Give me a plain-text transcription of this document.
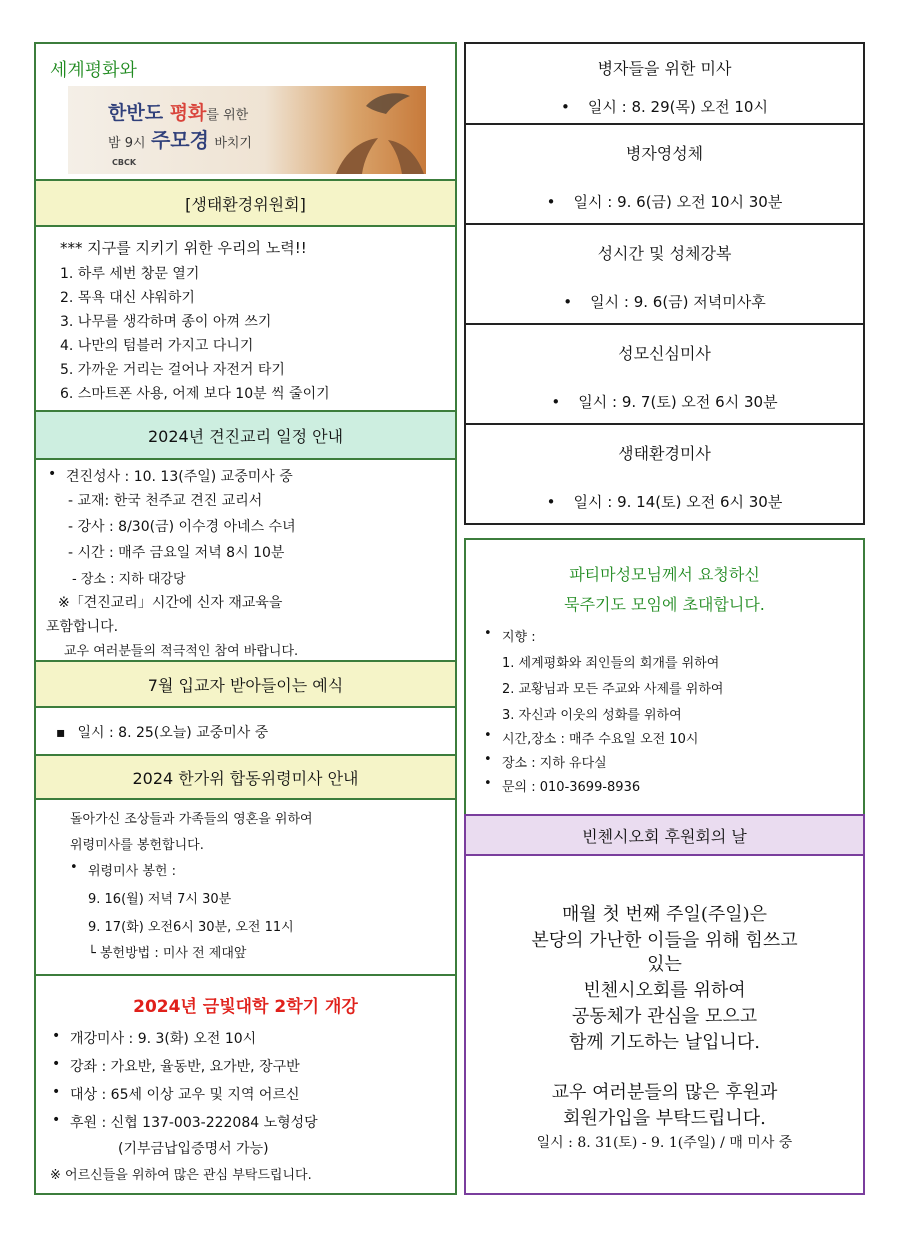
세계평화와
한반도 평화를 위한
밤 9시 주모경 바치기
CBCK
[생태환경위원회]
*** 지구를 지키기 위한 우리의 노력!!
1. 하루 세번 창문 열기
2. 목욕 대신 샤워하기
3. 나무를 생각하며 종이 아껴 쓰기
4. 나만의 텀블러 가지고 다니기
5. 가까운 거리는 걸어나 자전거 타기
6. 스마트폰 사용, 어제 보다 10분 씩 줄이기
2024년 견진교리 일정 안내
• 견진성사 : 10. 13(주일) 교중미사 중
- 교재: 한국 천주교 견진 교리서
- 강사 : 8/30(금) 이수경 아네스 수녀
- 시간 : 매주 금요일 저녁 8시 10분
- 장소 : 지하 대강당
※「견진교리」시간에 신자 재교육을
포함합니다.
교우 여러분들의 적극적인 참여 바랍니다.
7월 입교자 받아들이는 예식
▪ 일시 : 8. 25(오늘) 교중미사 중
2024 한가위 합동위령미사 안내
돌아가신 조상들과 가족들의 영혼을 위하여
위령미사를 봉헌합니다.
• 위령미사 봉헌 :
9. 16(월) 저녁 7시 30분
9. 17(화) 오전6시 30분, 오전 11시
└ 봉헌방법 : 미사 전 제대앞
2024년 금빛대학 2학기 개강
• 개강미사 : 9. 3(화) 오전 10시
• 강좌 : 가요반, 율동반, 요가반, 장구반
• 대상 : 65세 이상 교우 및 지역 어르신
• 후원 : 신협 137-003-222084 노형성당
(기부금납입증명서 가능)
※ 어르신들을 위하여 많은 관심 부탁드립니다.
병자들을 위한 미사
• 일시 : 8. 29(목) 오전 10시
병자영성체
• 일시 : 9. 6(금) 오전 10시 30분
성시간 및 성체강복
• 일시 : 9. 6(금) 저녁미사후
성모신심미사
• 일시 : 9. 7(토) 오전 6시 30분
생태환경미사
• 일시 : 9. 14(토) 오전 6시 30분
파티마성모님께서 요청하신
묵주기도 모임에 초대합니다.
• 지향 :
1. 세계평화와 죄인들의 회개를 위하여
2. 교황님과 모든 주교와 사제를 위하여
3. 자신과 이웃의 성화를 위하여
• 시간,장소 : 매주 수요일 오전 10시
• 장소 : 지하 유다실
• 문의 : 010-3699-8936
빈첸시오회 후원회의 날
매월 첫 번째 주일(주일)은
본당의 가난한 이들을 위해 힘쓰고
있는
빈첸시오회를 위하여
공동체가 관심을 모으고
함께 기도하는 날입니다.
교우 여러분들의 많은 후원과
회원가입을 부탁드립니다.
일시 : 8. 31(토) - 9. 1(주일) / 매 미사 중
